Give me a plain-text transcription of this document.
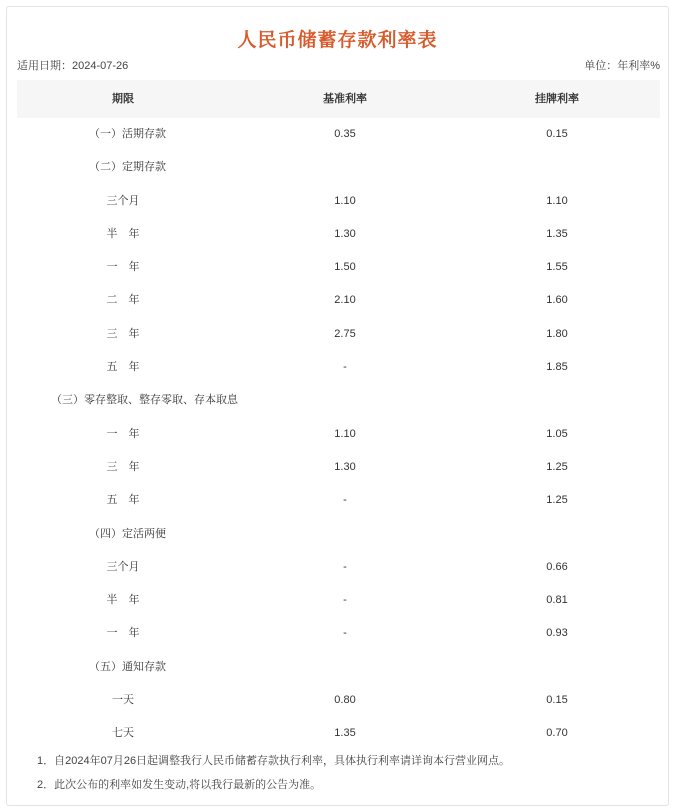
人民币储蓄存款利率表
适用日期：2024-07-26	单位：年利率%
期限	基准利率	挂牌利率
（一）活期存款	0.35	0.15
（二）定期存款
三个月	1.10	1.10
半　年	1.30	1.35
一　年	1.50	1.55
二　年	2.10	1.60
三　年	2.75	1.80
五　年	-	1.85
（三）零存整取、整存零取、存本取息
一　年	1.10	1.05
三　年	1.30	1.25
五　年	-	1.25
（四）定活两便
三个月	-	0.66
半　年	-	0.81
一　年	-	0.93
（五）通知存款
一天	0.80	0.15
七天	1.35	0.70
1．自2024年07月26日起调整我行人民币储蓄存款执行利率，具体执行利率请详询本行营业网点。
2．此次公布的利率如发生变动,将以我行最新的公告为准。
